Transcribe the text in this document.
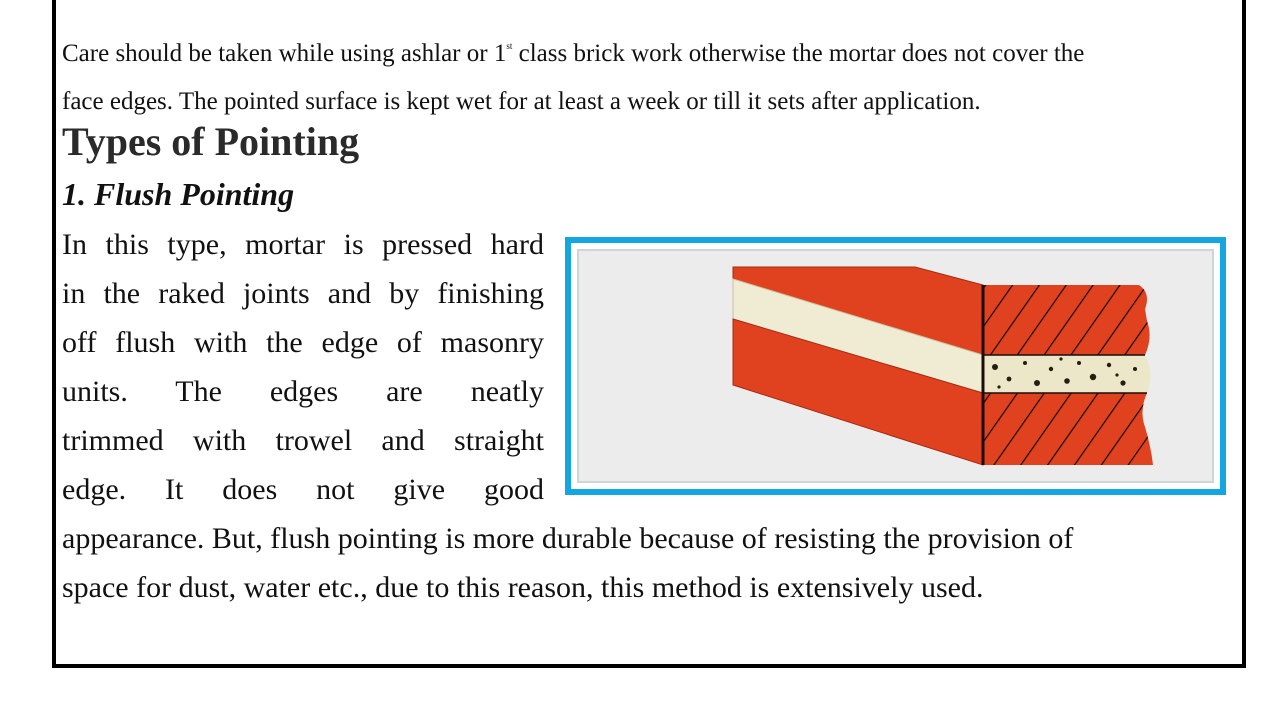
Care should be taken while using ashlar or 1st class brick work otherwise the mortar does not cover the
face edges. The pointed surface is kept wet for at least a week or till it sets after application.

Types of Pointing
1. Flush Pointing

In this type, mortar is pressed hard
in the raked joints and by finishing
off flush with the edge of masonry
units. The edges are neatly
trimmed with trowel and straight
edge. It does not give good

appearance. But, flush pointing is more durable because of resisting the provision of
space for dust, water etc., due to this reason, this method is extensively used.
